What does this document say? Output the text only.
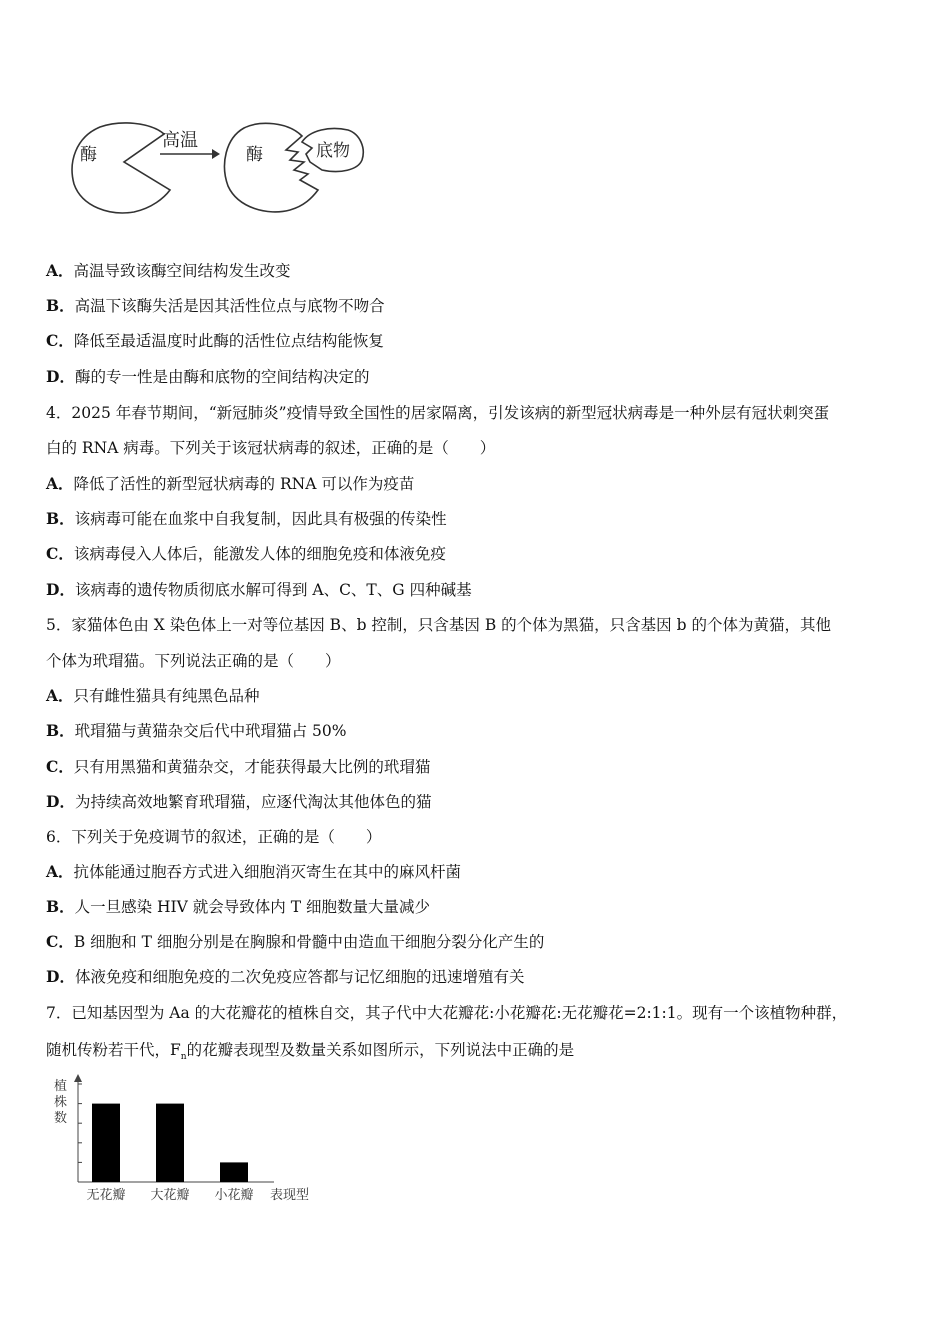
酶
高温
酶	底物
A．高温导致该酶空间结构发生改变
B．高温下该酶失活是因其活性位点与底物不吻合
C．降低至最适温度时此酶的活性位点结构能恢复
D．酶的专一性是由酶和底物的空间结构决定的
4．2025 年春节期间，“新冠肺炎”疫情导致全国性的居家隔离，引发该病的新型冠状病毒是一种外层有冠状刺突蛋
白的 RNA 病毒。下列关于该冠状病毒的叙述，正确的是（　　）
A．降低了活性的新型冠状病毒的 RNA 可以作为疫苗
B．该病毒可能在血浆中自我复制，因此具有极强的传染性
C．该病毒侵入人体后，能激发人体的细胞免疫和体液免疫
D．该病毒的遗传物质彻底水解可得到 A、C、T、G 四种碱基
5．家猫体色由 X 染色体上一对等位基因 B、b 控制，只含基因 B 的个体为黑猫，只含基因 b 的个体为黄猫，其他
个体为玳瑁猫。下列说法正确的是（　　）
A．只有雌性猫具有纯黑色品种
B．玳瑁猫与黄猫杂交后代中玳瑁猫占 50%
C．只有用黑猫和黄猫杂交，才能获得最大比例的玳瑁猫
D．为持续高效地繁育玳瑁猫，应逐代淘汰其他体色的猫
6．下列关于免疫调节的叙述，正确的是（　　）
A．抗体能通过胞吞方式进入细胞消灭寄生在其中的麻风杆菌
B．人一旦感染 HIV 就会导致体内 T 细胞数量大量减少
C．B 细胞和 T 细胞分别是在胸腺和骨髓中由造血干细胞分裂分化产生的
D．体液免疫和细胞免疫的二次免疫应答都与记忆细胞的迅速增殖有关
7．已知基因型为 Aa 的大花瓣花的植株自交，其子代中大花瓣花:小花瓣花:无花瓣花=2:1:1。现有一个该植物种群，
随机传粉若干代，$F_n$的花瓣表现型及数量关系如图所示，下列说法中正确的是
植
株
数
无花瓣 大花瓣 小花瓣 表现型
